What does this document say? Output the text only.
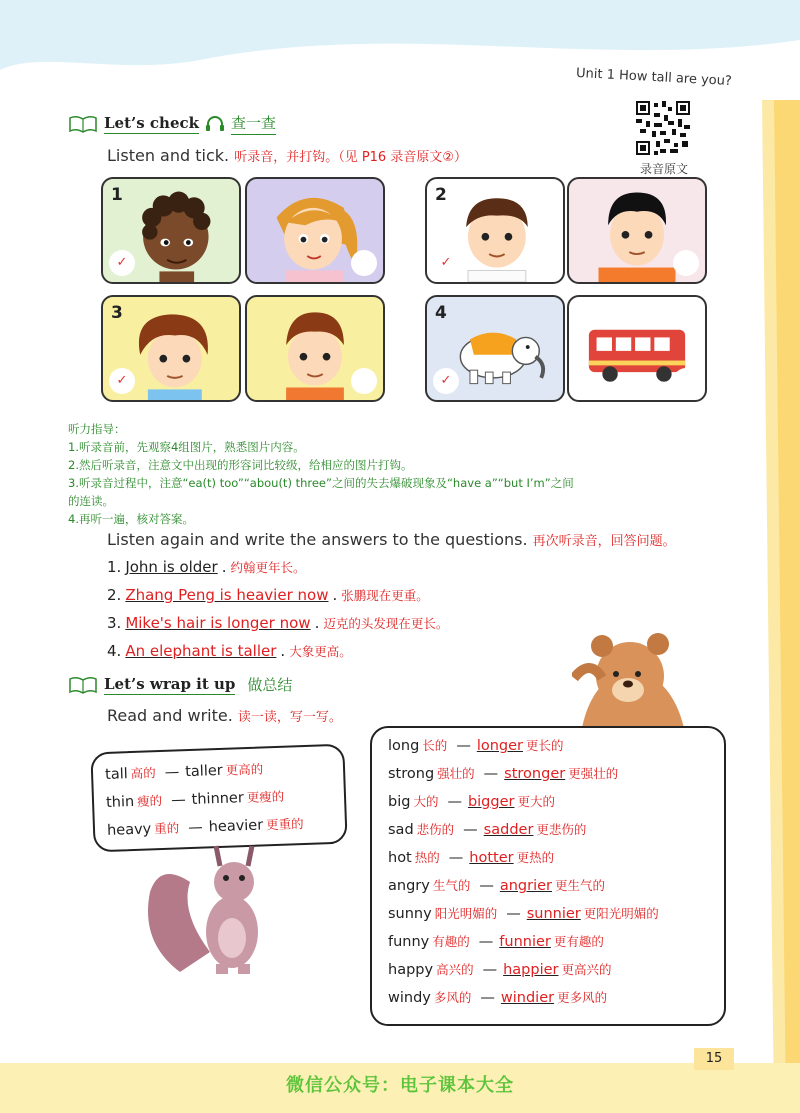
Unit 1 How tall are you?
录音原文
Let’s check 查一查
Listen and tick. 听录音，并打钩。（见 P16 录音原文②）
1
✓
2
✓
3
✓
4
✓
听力指导：
1.听录音前，先观察4组图片，熟悉图片内容。
2.然后听录音，注意文中出现的形容词比较级，给相应的图片打钩。
3.听录音过程中，注意“ea(t) too”“abou(t) three”之间的失去爆破现象及“have a”“but I’m”之间
的连读。
4.再听一遍，核对答案。
Listen again and write the answers to the questions. 再次听录音，回答问题。
1. John is older . 约翰更年长。
2. Zhang Peng is heavier now . 张鹏现在更重。
3. Mike's hair is longer now . 迈克的头发现在更长。
4. An elephant is taller . 大象更高。
Let’s wrap it up 做总结
Read and write. 读一读，写一写。
tall 高的 — taller 更高的
thin 瘦的 — thinner 更瘦的
heavy 重的 — heavier 更重的
long 长的 — longer 更长的
strong 强壮的 — stronger 更强壮的
big 大的 — bigger 更大的
sad 悲伤的 — sadder 更悲伤的
hot 热的 — hotter 更热的
angry 生气的 — angrier 更生气的
sunny 阳光明媚的 — sunnier 更阳光明媚的
funny 有趣的 — funnier 更有趣的
happy 高兴的 — happier 更高兴的
windy 多风的 — windier 更多风的
15
微信公众号：电子课本大全
